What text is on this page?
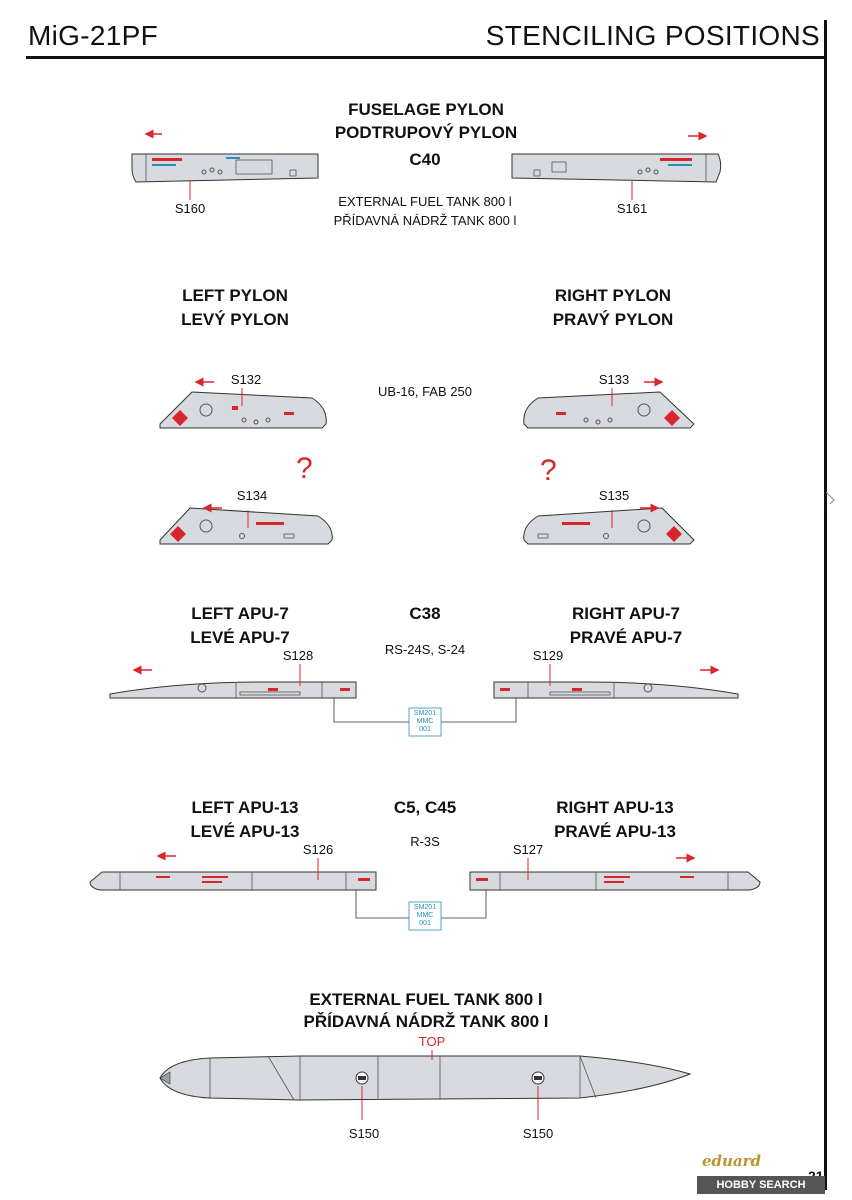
MiG-21PF	STENCILING POSITIONS
FUSELAGE PYLON
PODTRUPOVÝ PYLON
C40
EXTERNAL FUEL TANK 800 l
PŘÍDAVNÁ NÁDRŽ TANK 800 l
S160	S161
LEFT PYLON
LEVÝ PYLON
RIGHT PYLON
PRAVÝ PYLON
UB-16, FAB 250
S132	S133
S134	S135
?	?
LEFT APU-7
LEVÉ APU-7
RIGHT APU-7
PRAVÉ APU-7
C38
RS-24S, S-24
S128	S129
SM201
MMC
001
LEFT APU-13
LEVÉ APU-13
RIGHT APU-13
PRAVÉ APU-13
C5, C45
R-3S
S126	S127
SM201
MMC
001
EXTERNAL FUEL TANK 800 l
PŘÍDAVNÁ NÁDRŽ TANK 800 l
TOP
S150	S150
eduard
HOBBY SEARCH
